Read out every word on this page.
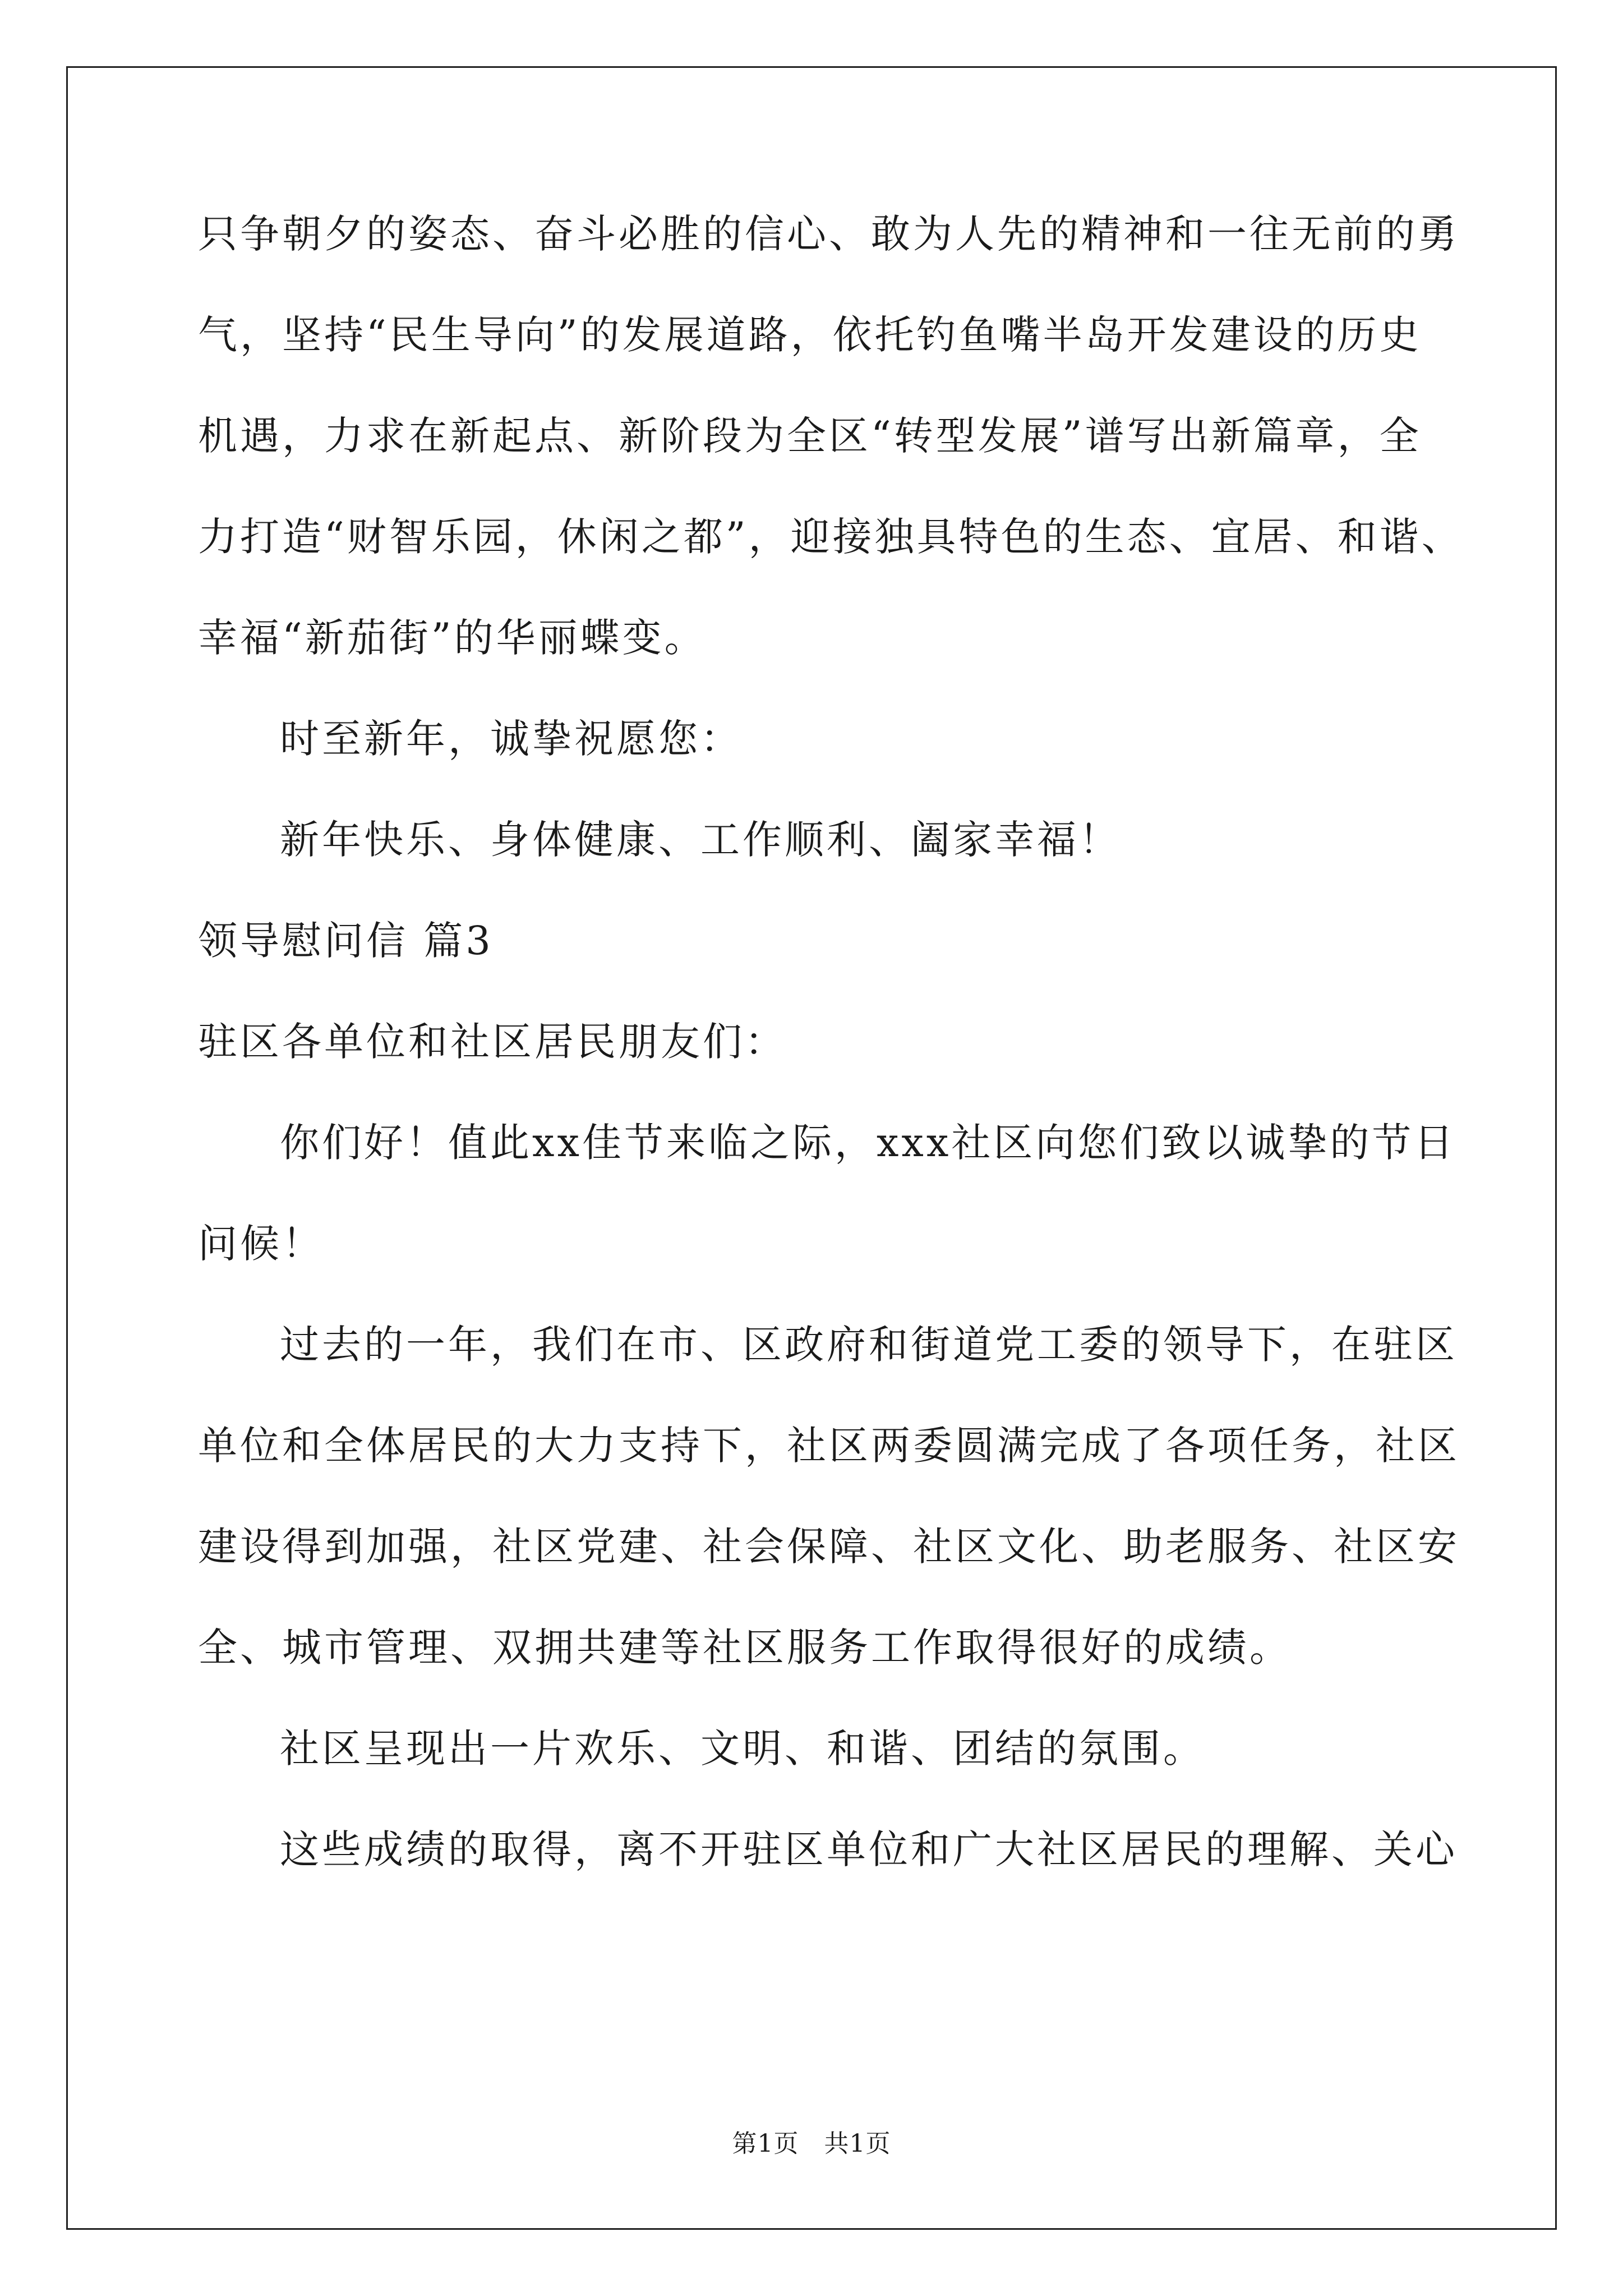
只争朝夕的姿态、奋斗必胜的信心、敢为人先的精神和一往无前的勇
气，坚持“民生导向”的发展道路，依托钓鱼嘴半岛开发建设的历史
机遇，力求在新起点、新阶段为全区“转型发展”谱写出新篇章，全
力打造“财智乐园，休闲之都”，迎接独具特色的生态、宜居、和谐、
幸福“新茄街”的华丽蝶变。
时至新年，诚挚祝愿您：
新年快乐、身体健康、工作顺利、阖家幸福！
领导慰问信 篇3
驻区各单位和社区居民朋友们：
你们好！值此xx佳节来临之际，xxx社区向您们致以诚挚的节日
问候！
过去的一年，我们在市、区政府和街道党工委的领导下，在驻区
单位和全体居民的大力支持下，社区两委圆满完成了各项任务，社区
建设得到加强，社区党建、社会保障、社区文化、助老服务、社区安
全、城市管理、双拥共建等社区服务工作取得很好的成绩。
社区呈现出一片欢乐、文明、和谐、团结的氛围。
这些成绩的取得，离不开驻区单位和广大社区居民的理解、关心
第1页　共1页
